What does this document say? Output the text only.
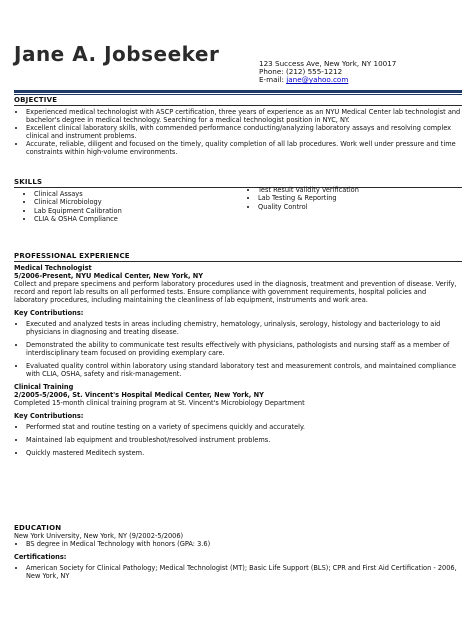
Jane A. Jobseeker	123 Success Ave, New York, NY 10017
Phone: (212) 555-1212
E-mail: jane@yahoo.com
OBJECTIVE
• Experienced medical technologist with ASCP certification, three years of experience as an NYU Medical Center lab technologist and bachelor's degree in medical technology. Searching for a medical technologist position in NYC, NY.
• Excellent clinical laboratory skills, with commended performance conducting/analyzing laboratory assays and resolving complex clinical and instrument problems.
• Accurate, reliable, diligent and focused on the timely, quality completion of all lab procedures. Work well under pressure and time constraints within high-volume environments.
SKILLS
• Clinical Assays
• Clinical Microbiology
• Lab Equipment Calibration
• CLIA & OSHA Compliance
• Test Result Validity Verification
• Lab Testing & Reporting
• Quality Control
PROFESSIONAL EXPERIENCE
Medical Technologist
5/2006-Present, NYU Medical Center, New York, NY
Collect and prepare specimens and perform laboratory procedures used in the diagnosis, treatment and prevention of disease. Verify, record and report lab results on all performed tests. Ensure compliance with government requirements, hospital policies and laboratory procedures, including maintaining the cleanliness of lab equipment, instruments and work area.
Key Contributions:
• Executed and analyzed tests in areas including chemistry, hematology, urinalysis, serology, histology and bacteriology to aid physicians in diagnosing and treating disease.
• Demonstrated the ability to communicate test results effectively with physicians, pathologists and nursing staff as a member of interdisciplinary team focused on providing exemplary care.
• Evaluated quality control within laboratory using standard laboratory test and measurement controls, and maintained compliance with CLIA, OSHA, safety and risk-management.
Clinical Training
2/2005-5/2006, St. Vincent's Hospital Medical Center, New York, NY
Completed 15-month clinical training program at St. Vincent's Microbiology Department
Key Contributions:
• Performed stat and routine testing on a variety of specimens quickly and accurately.
• Maintained lab equipment and troubleshot/resolved instrument problems.
• Quickly mastered Meditech system.
EDUCATION
New York University, New York, NY (9/2002-5/2006)
• BS degree in Medical Technology with honors (GPA: 3.6)
Certifications:
• American Society for Clinical Pathology; Medical Technologist (MT); Basic Life Support (BLS); CPR and First Aid Certification - 2006, New York, NY
